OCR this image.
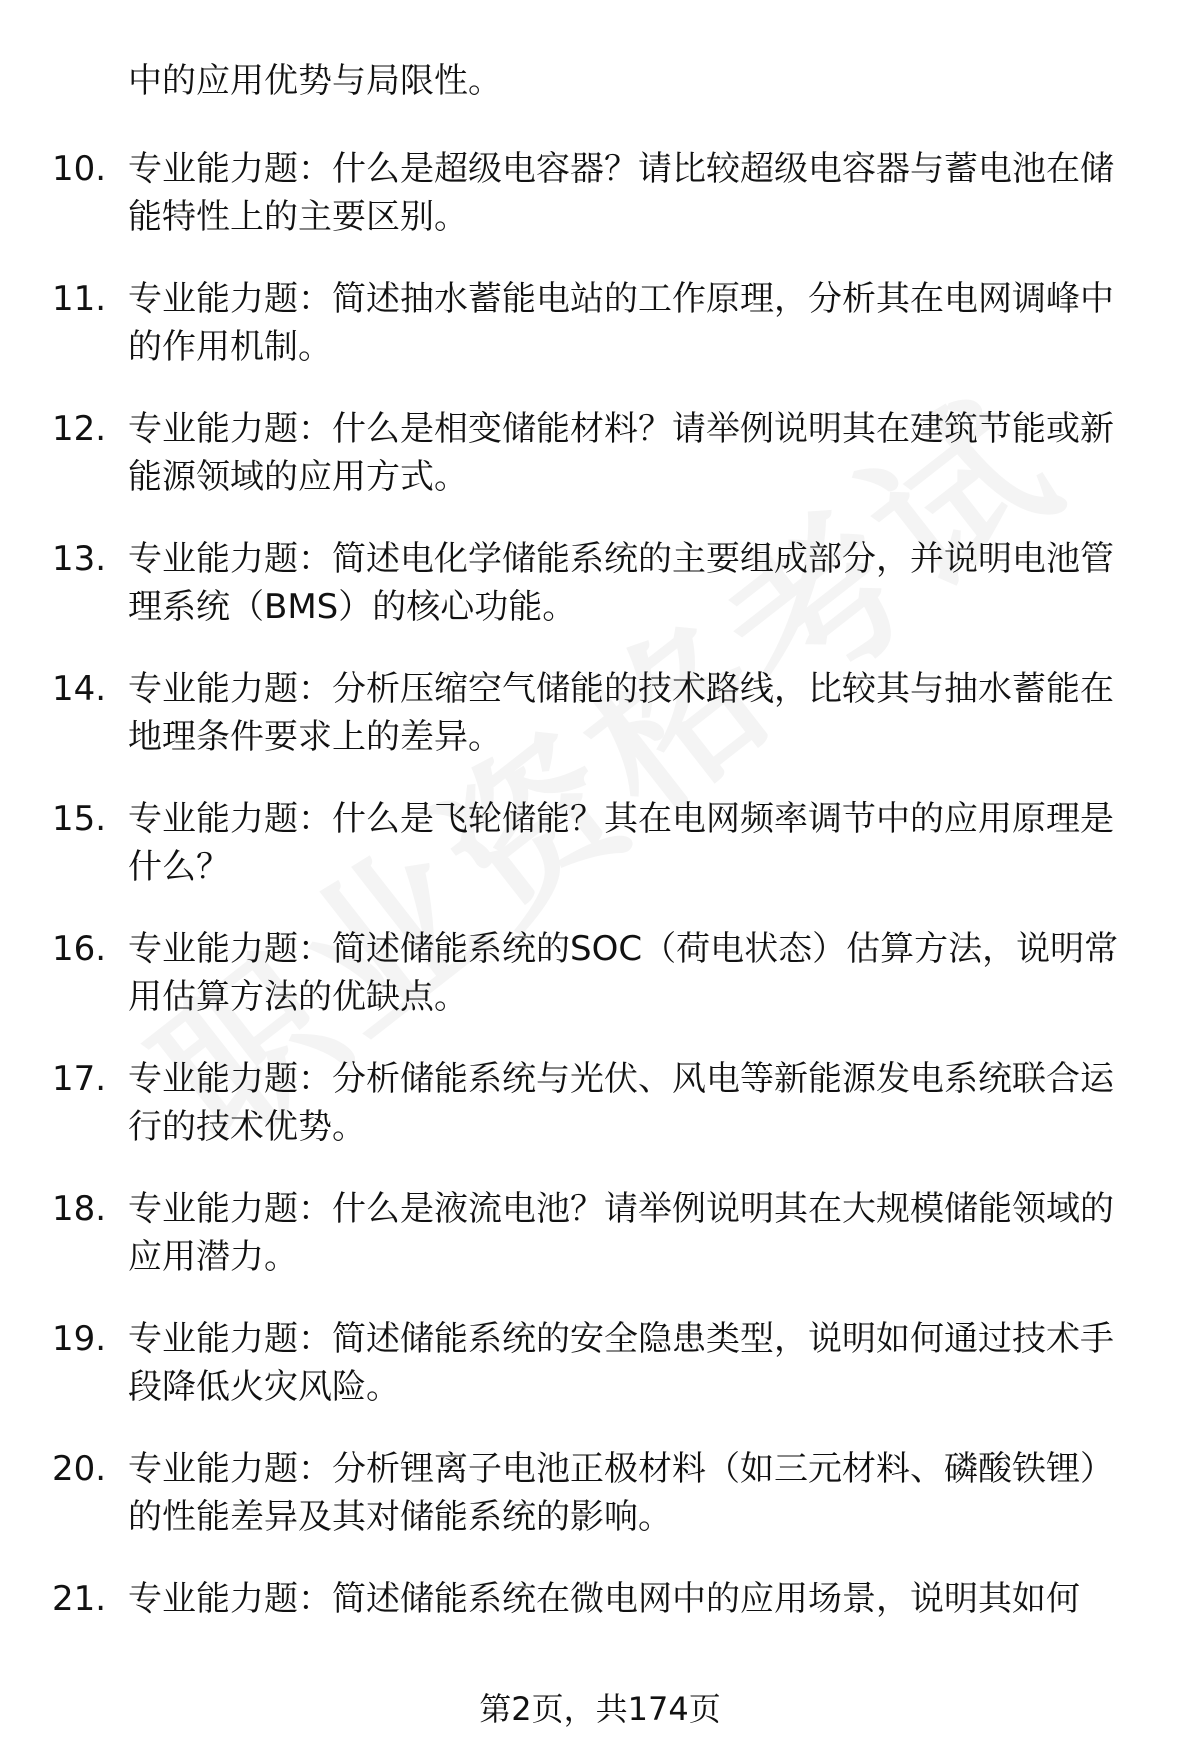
中的应用优势与局限性。
10. 专业能力题：什么是超级电容器？请比较超级电容器与蓄电池在储能特性上的主要区别。
11. 专业能力题：简述抽水蓄能电站的工作原理，分析其在电网调峰中的作用机制。
12. 专业能力题：什么是相变储能材料？请举例说明其在建筑节能或新能源领域的应用方式。
13. 专业能力题：简述电化学储能系统的主要组成部分，并说明电池管理系统（BMS）的核心功能。
14. 专业能力题：分析压缩空气储能的技术路线，比较其与抽水蓄能在地理条件要求上的差异。
15. 专业能力题：什么是飞轮储能？其在电网频率调节中的应用原理是什么？
16. 专业能力题：简述储能系统的SOC（荷电状态）估算方法，说明常用估算方法的优缺点。
17. 专业能力题：分析储能系统与光伏、风电等新能源发电系统联合运行的技术优势。
18. 专业能力题：什么是液流电池？请举例说明其在大规模储能领域的应用潜力。
19. 专业能力题：简述储能系统的安全隐患类型，说明如何通过技术手段降低火灾风险。
20. 专业能力题：分析锂离子电池正极材料（如三元材料、磷酸铁锂）的性能差异及其对储能系统的影响。
21. 专业能力题：简述储能系统在微电网中的应用场景，说明其如何
第2页，共174页
